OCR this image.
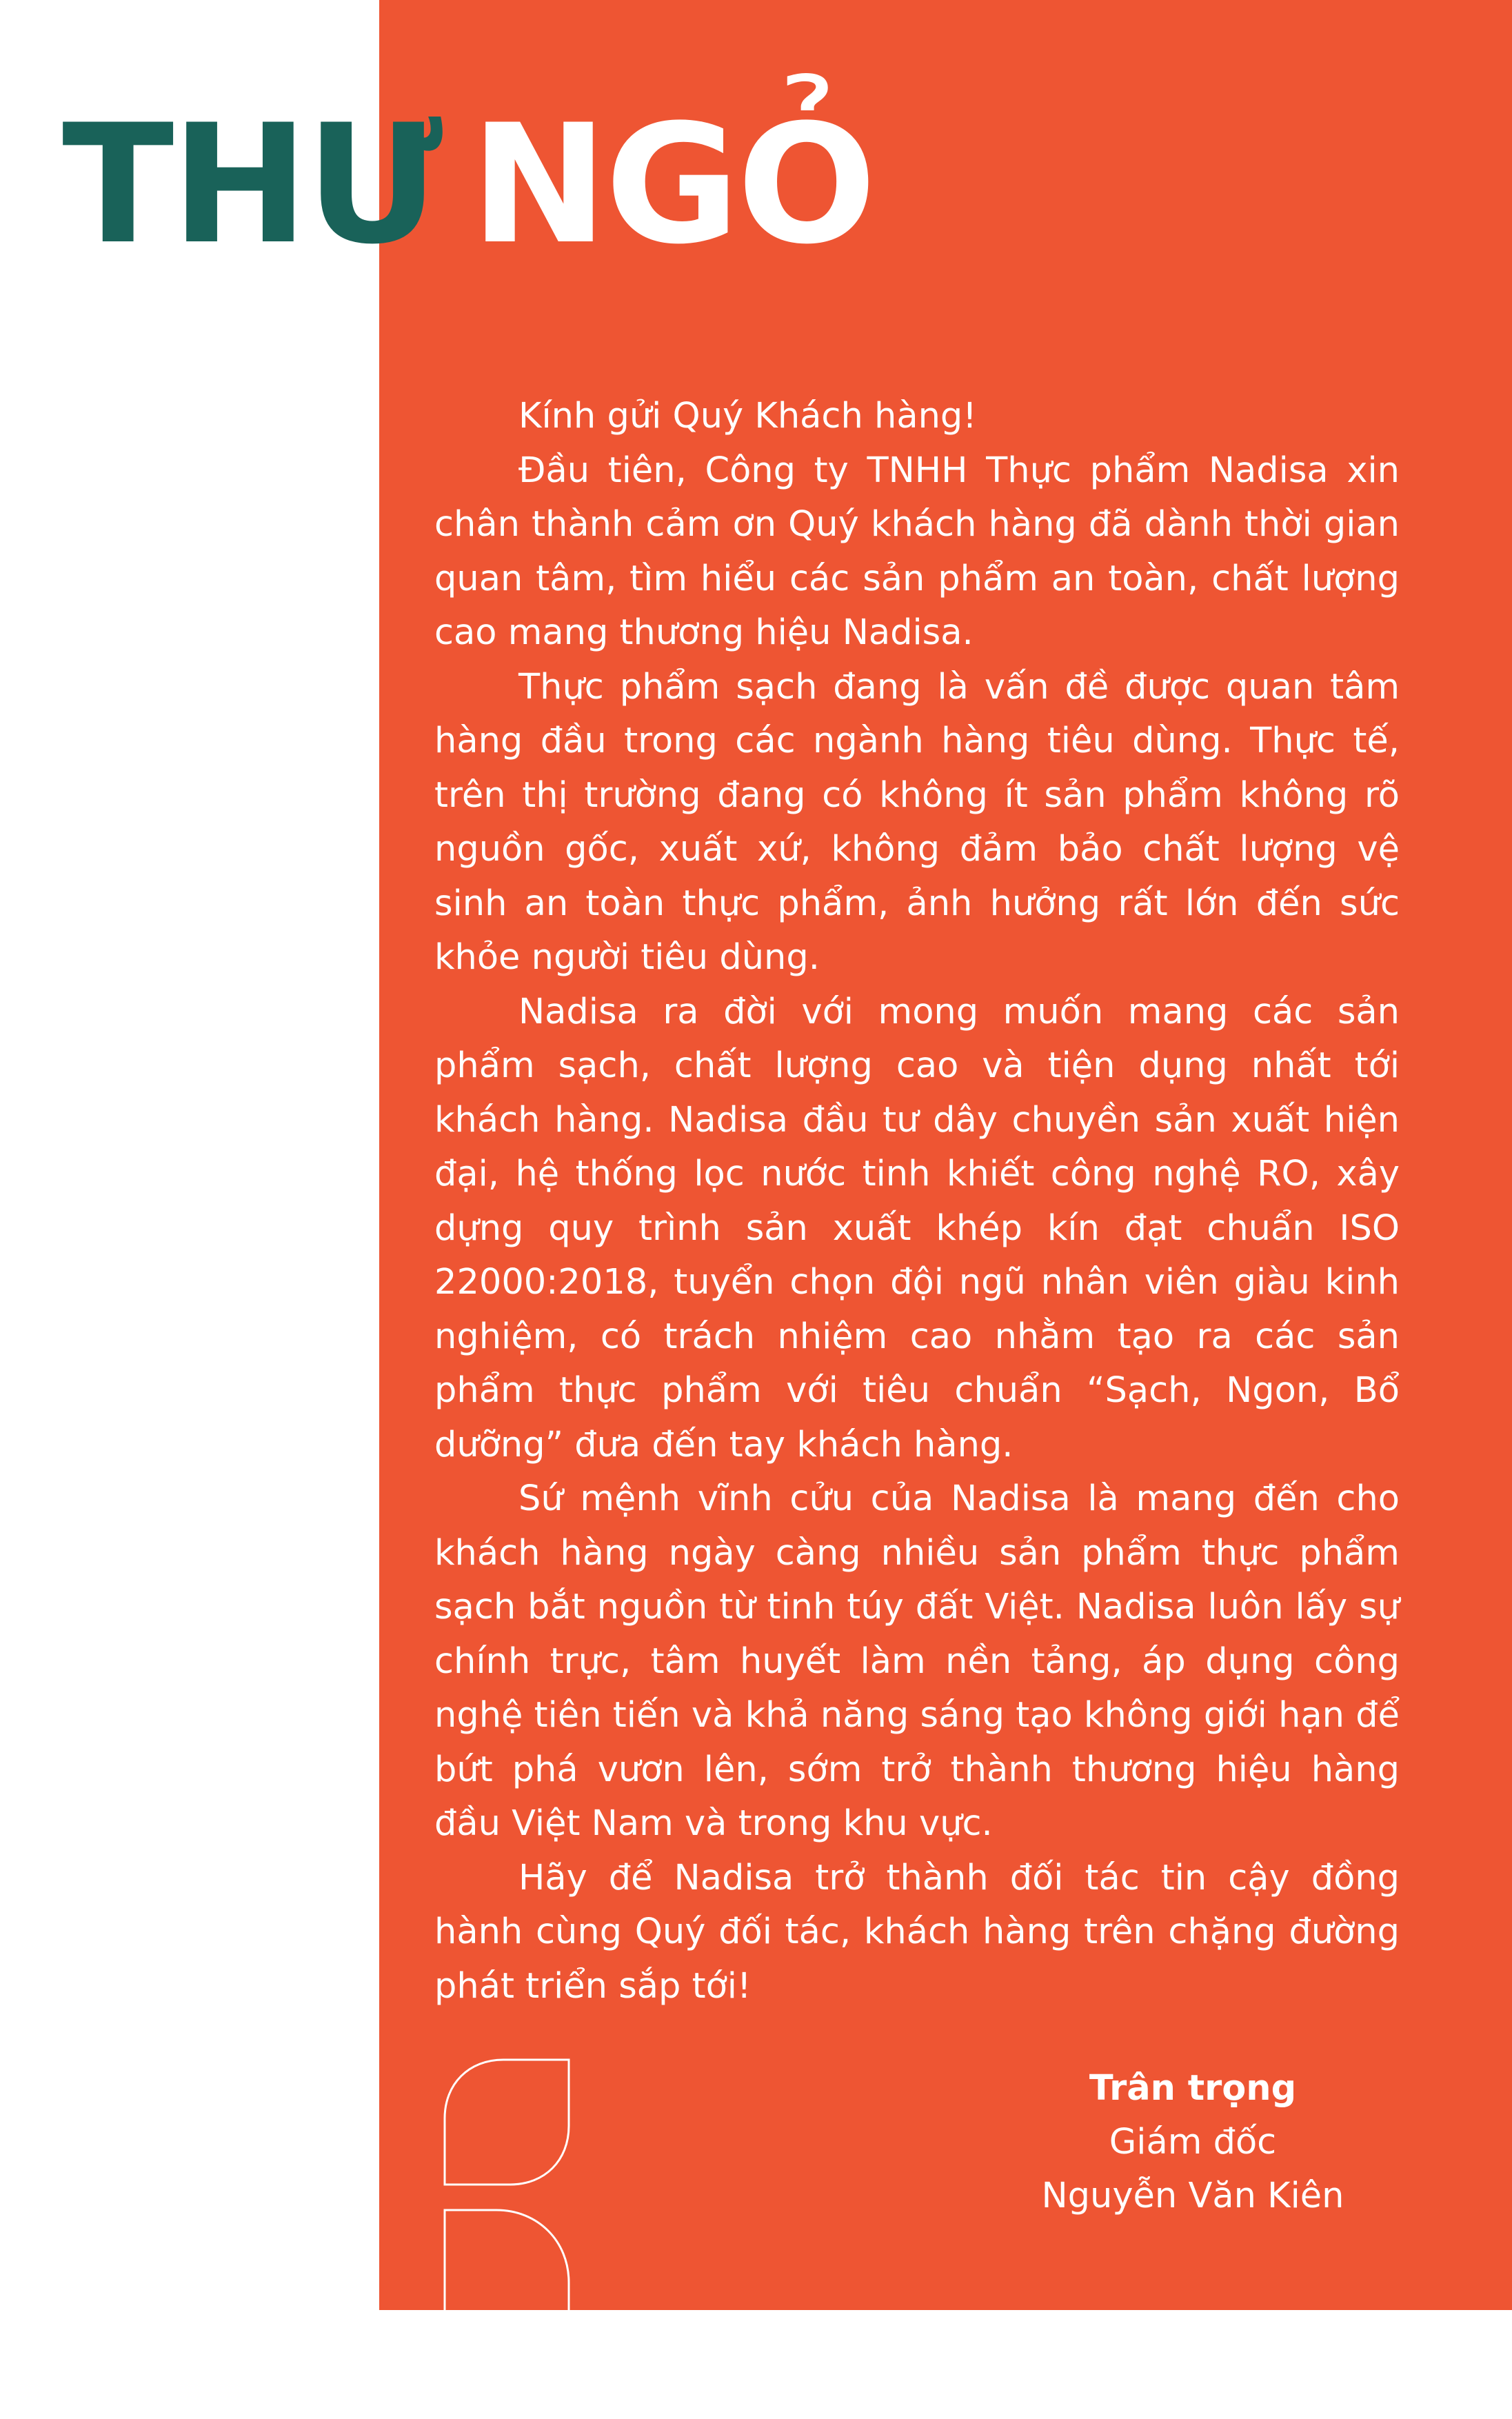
THƯ NGỎ

Kính gửi Quý Khách hàng!

Đầu tiên, Công ty TNHH Thực phẩm Nadisa xin chân thành cảm ơn Quý khách hàng đã dành thời gian quan tâm, tìm hiểu các sản phẩm an toàn, chất lượng cao mang thương hiệu Nadisa.

Thực phẩm sạch đang là vấn đề được quan tâm hàng đầu trong các ngành hàng tiêu dùng. Thực tế, trên thị trường đang có không ít sản phẩm không rõ nguồn gốc, xuất xứ, không đảm bảo chất lượng vệ sinh an toàn thực phẩm, ảnh hưởng rất lớn đến sức khỏe người tiêu dùng.

Nadisa ra đời với mong muốn mang các sản phẩm sạch, chất lượng cao và tiện dụng nhất tới khách hàng. Nadisa đầu tư dây chuyền sản xuất hiện đại, hệ thống lọc nước tinh khiết công nghệ RO, xây dựng quy trình sản xuất khép kín đạt chuẩn ISO 22000:2018, tuyển chọn đội ngũ nhân viên giàu kinh nghiệm, có trách nhiệm cao nhằm tạo ra các sản phẩm thực phẩm với tiêu chuẩn “Sạch, Ngon, Bổ dưỡng” đưa đến tay khách hàng.

Sứ mệnh vĩnh cửu của Nadisa là mang đến cho khách hàng ngày càng nhiều sản phẩm thực phẩm sạch bắt nguồn từ tinh túy đất Việt. Nadisa luôn lấy sự chính trực, tâm huyết làm nền tảng, áp dụng công nghệ tiên tiến và khả năng sáng tạo không giới hạn để bứt phá vươn lên, sớm trở thành thương hiệu hàng đầu Việt Nam và trong khu vực.

Hãy để Nadisa trở thành đối tác tin cậy đồng hành cùng Quý đối tác, khách hàng trên chặng đường phát triển sắp tới!

Trân trọng
Giám đốc
Nguyễn Văn Kiên
